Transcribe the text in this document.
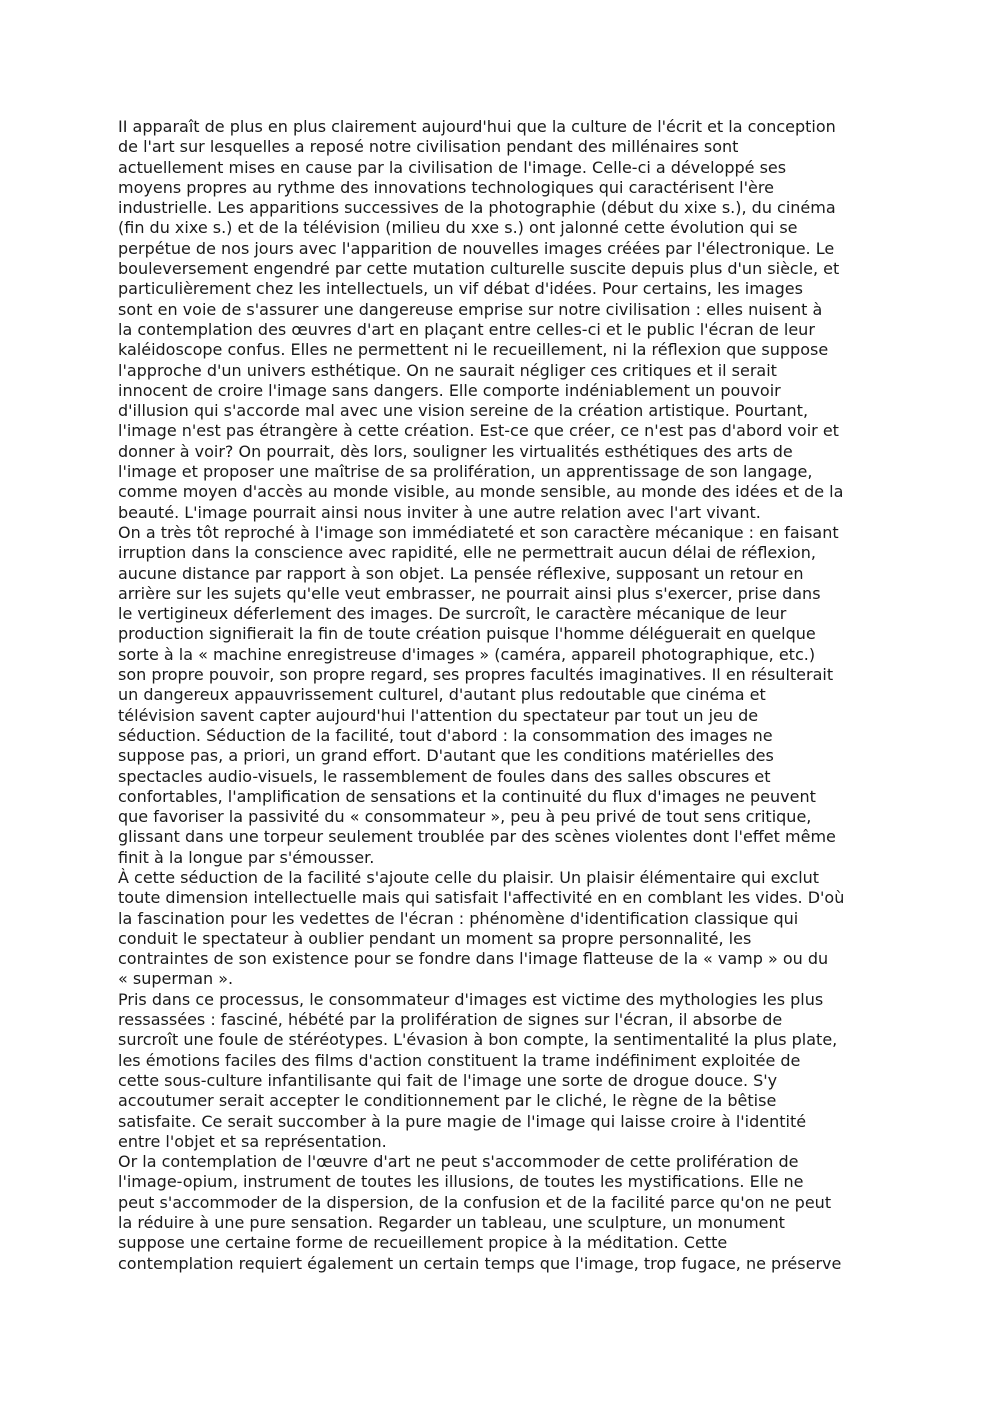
II apparaît de plus en plus clairement aujourd'hui que la culture de l'écrit et la conception
de l'art sur lesquelles a reposé notre civilisation pendant des millénaires sont
actuellement mises en cause par la civilisation de l'image. Celle-ci a développé ses
moyens propres au rythme des innovations technologiques qui caractérisent l'ère
industrielle. Les apparitions successives de la photographie (début du xixe s.), du cinéma
(fin du xixe s.) et de la télévision (milieu du xxe s.) ont jalonné cette évolution qui se
perpétue de nos jours avec l'apparition de nouvelles images créées par l'électronique. Le
bouleversement engendré par cette mutation culturelle suscite depuis plus d'un siècle, et
particulièrement chez les intellectuels, un vif débat d'idées. Pour certains, les images
sont en voie de s'assurer une dangereuse emprise sur notre civilisation : elles nuisent à
la contemplation des œuvres d'art en plaçant entre celles-ci et le public l'écran de leur
kaléidoscope confus. Elles ne permettent ni le recueillement, ni la réflexion que suppose
l'approche d'un univers esthétique. On ne saurait négliger ces critiques et il serait
innocent de croire l'image sans dangers. Elle comporte indéniablement un pouvoir
d'illusion qui s'accorde mal avec une vision sereine de la création artistique. Pourtant,
l'image n'est pas étrangère à cette création. Est-ce que créer, ce n'est pas d'abord voir et
donner à voir? On pourrait, dès lors, souligner les virtualités esthétiques des arts de
l'image et proposer une maîtrise de sa prolifération, un apprentissage de son langage,
comme moyen d'accès au monde visible, au monde sensible, au monde des idées et de la
beauté. L'image pourrait ainsi nous inviter à une autre relation avec l'art vivant.
On a très tôt reproché à l'image son immédiateté et son caractère mécanique : en faisant
irruption dans la conscience avec rapidité, elle ne permettrait aucun délai de réflexion,
aucune distance par rapport à son objet. La pensée réflexive, supposant un retour en
arrière sur les sujets qu'elle veut embrasser, ne pourrait ainsi plus s'exercer, prise dans
le vertigineux déferlement des images. De surcroît, le caractère mécanique de leur
production signifierait la fin de toute création puisque l'homme déléguerait en quelque
sorte à la « machine enregistreuse d'images » (caméra, appareil photographique, etc.)
son propre pouvoir, son propre regard, ses propres facultés imaginatives. Il en résulterait
un dangereux appauvrissement culturel, d'autant plus redoutable que cinéma et
télévision savent capter aujourd'hui l'attention du spectateur par tout un jeu de
séduction. Séduction de la facilité, tout d'abord : la consommation des images ne
suppose pas, a priori, un grand effort. D'autant que les conditions matérielles des
spectacles audio-visuels, le rassemblement de foules dans des salles obscures et
confortables, l'amplification de sensations et la continuité du flux d'images ne peuvent
que favoriser la passivité du « consommateur », peu à peu privé de tout sens critique,
glissant dans une torpeur seulement troublée par des scènes violentes dont l'effet même
finit à la longue par s'émousser.
À cette séduction de la facilité s'ajoute celle du plaisir. Un plaisir élémentaire qui exclut
toute dimension intellectuelle mais qui satisfait l'affectivité en en comblant les vides. D'où
la fascination pour les vedettes de l'écran : phénomène d'identification classique qui
conduit le spectateur à oublier pendant un moment sa propre personnalité, les
contraintes de son existence pour se fondre dans l'image flatteuse de la « vamp » ou du
« superman ».
Pris dans ce processus, le consommateur d'images est victime des mythologies les plus
ressassées : fasciné, hébété par la prolifération de signes sur l'écran, il absorbe de
surcroît une foule de stéréotypes. L'évasion à bon compte, la sentimentalité la plus plate,
les émotions faciles des films d'action constituent la trame indéfiniment exploitée de
cette sous-culture infantilisante qui fait de l'image une sorte de drogue douce. S'y
accoutumer serait accepter le conditionnement par le cliché, le règne de la bêtise
satisfaite. Ce serait succomber à la pure magie de l'image qui laisse croire à l'identité
entre l'objet et sa représentation.
Or la contemplation de l'œuvre d'art ne peut s'accommoder de cette prolifération de
l'image-opium, instrument de toutes les illusions, de toutes les mystifications. Elle ne
peut s'accommoder de la dispersion, de la confusion et de la facilité parce qu'on ne peut
la réduire à une pure sensation. Regarder un tableau, une sculpture, un monument
suppose une certaine forme de recueillement propice à la méditation. Cette
contemplation requiert également un certain temps que l'image, trop fugace, ne préserve
